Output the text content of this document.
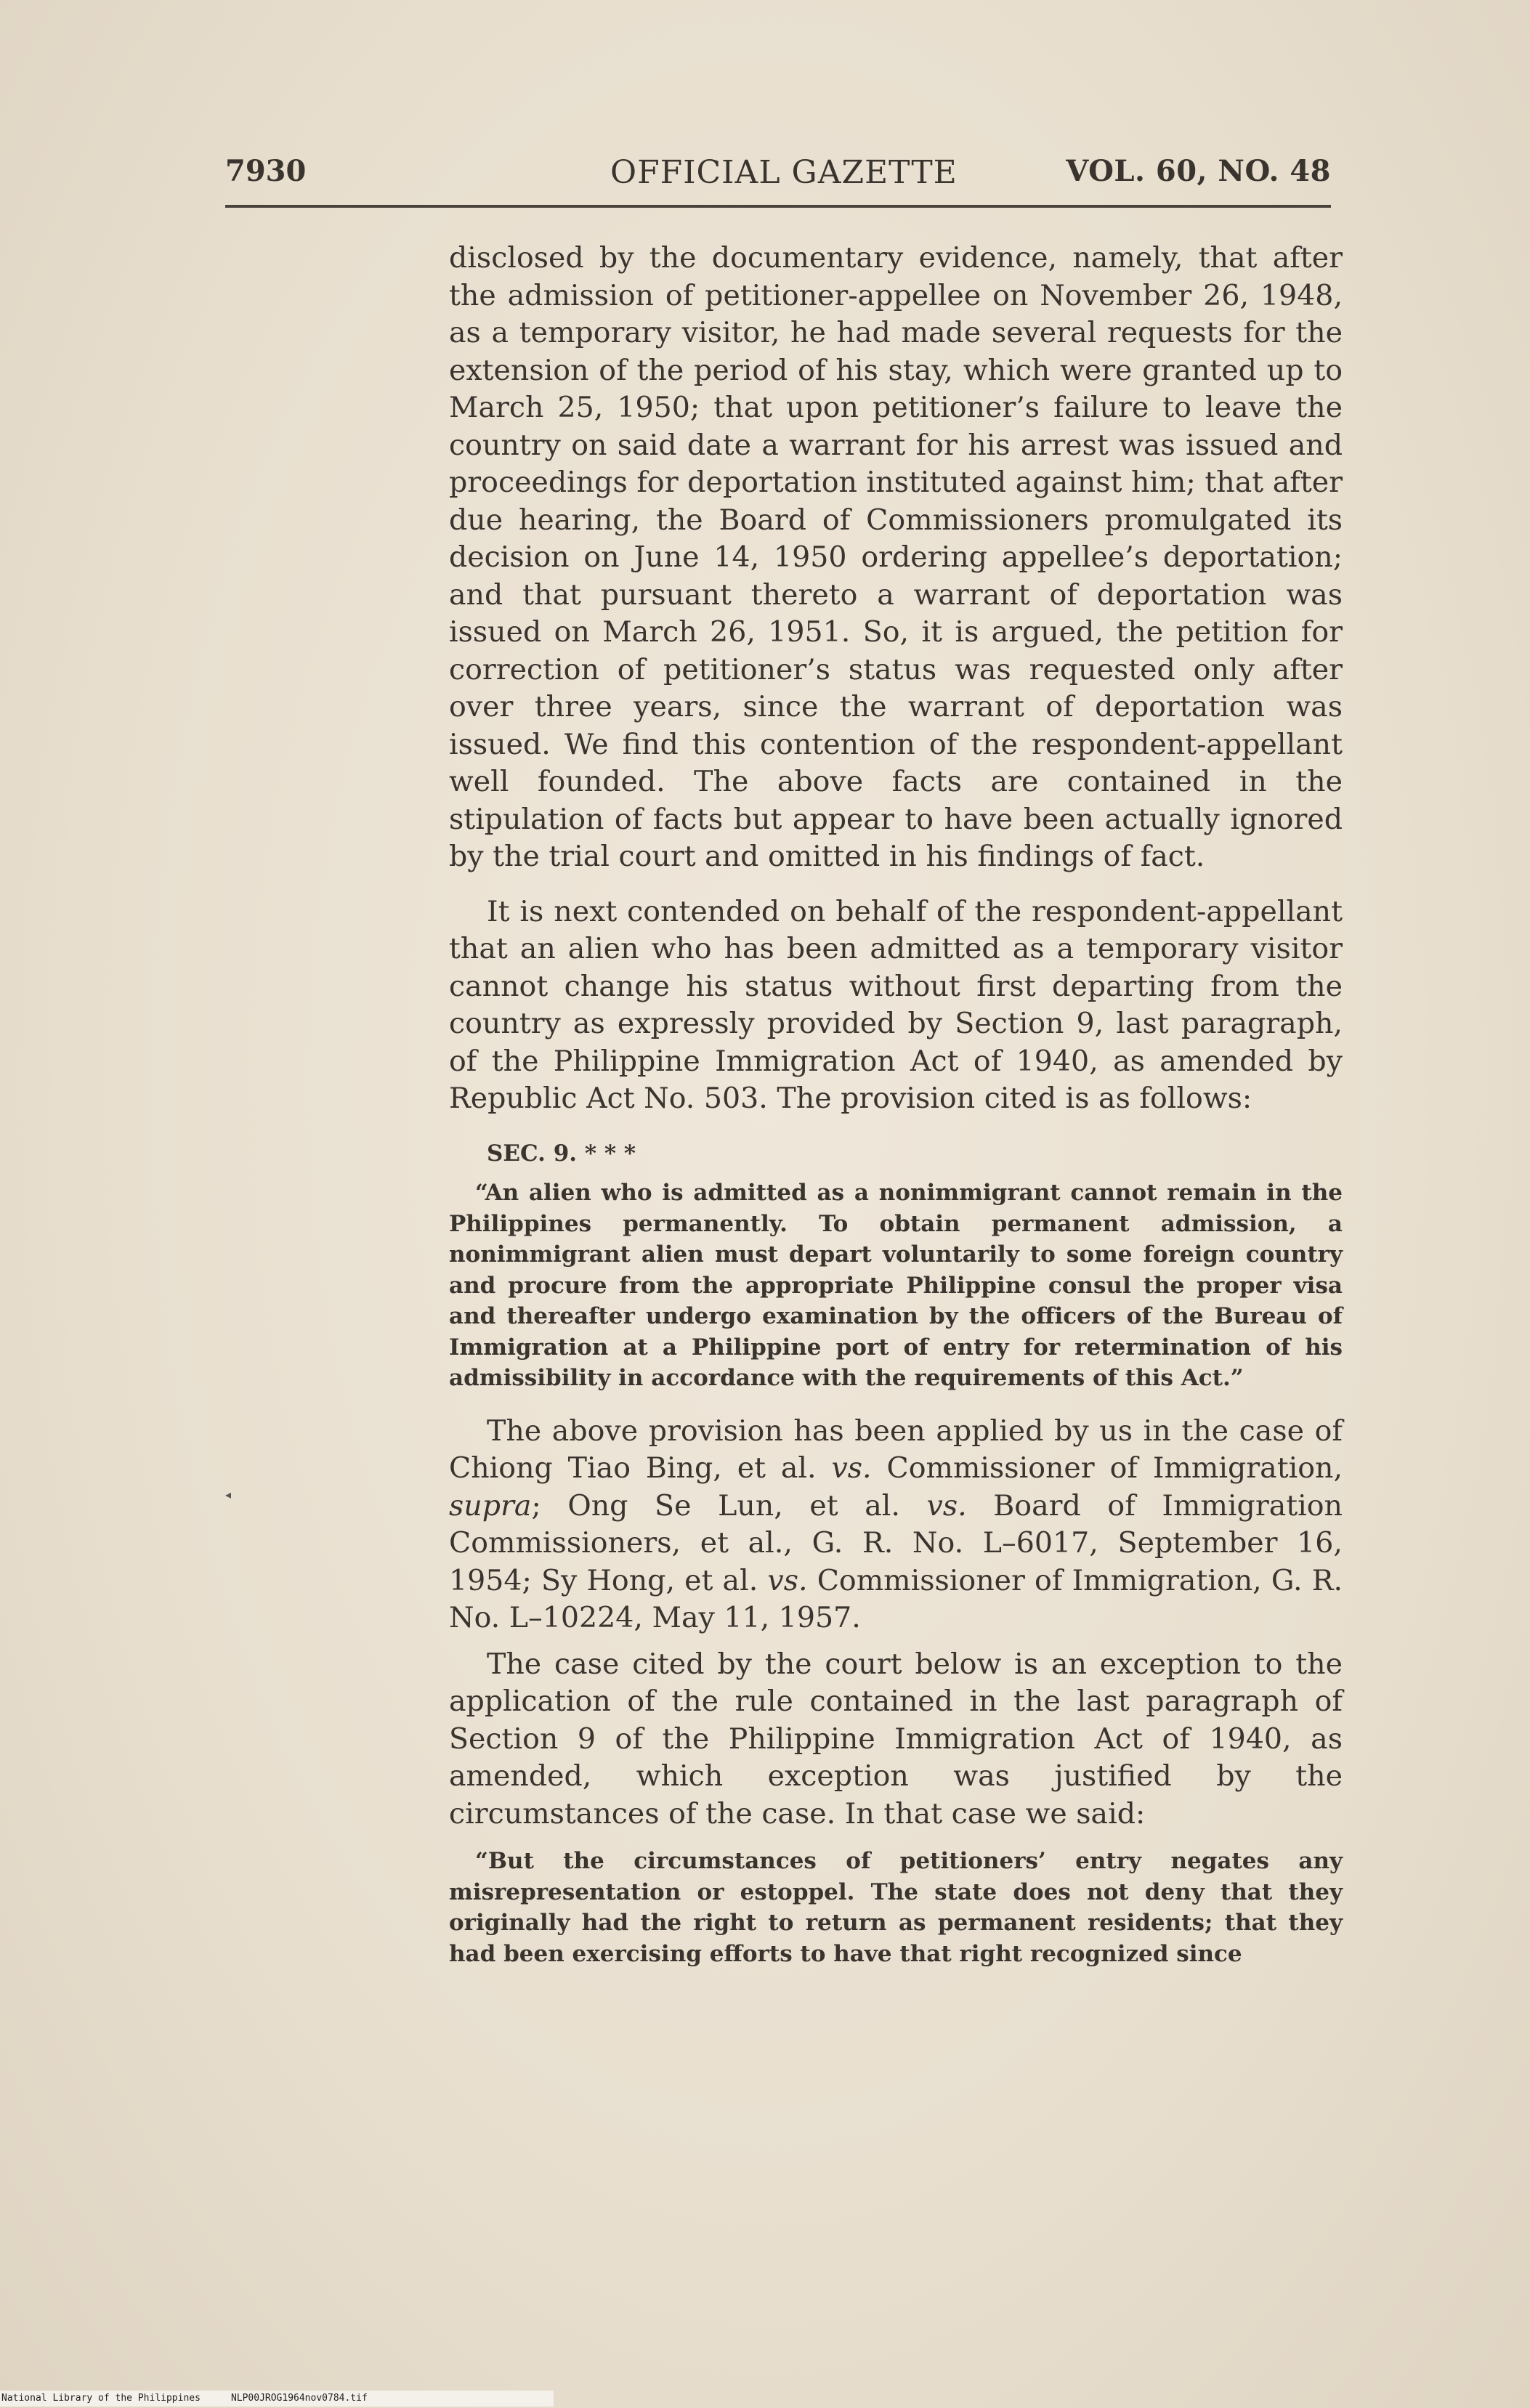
7930	OFFICIAL GAZETTE	VOL. 60, NO. 48
◂

disclosed by the documentary evidence, namely, that after the admission of petitioner-appellee on November 26, 1948, as a temporary visitor, he had made several requests for the extension of the period of his stay, which were granted up to March 25, 1950; that upon petitioner’s failure to leave the country on said date a warrant for his arrest was issued and proceedings for deportation instituted against him; that after due hearing, the Board of Commissioners promulgated its decision on June 14, 1950 ordering appellee’s deportation; and that pursuant thereto a warrant of deportation was issued on March 26, 1951. So, it is argued, the petition for correction of petitioner’s status was requested only after over three years, since the warrant of deportation was issued. We find this contention of the respondent-appellant well founded. The above facts are contained in the stipulation of facts but appear to have been actually ignored by the trial court and omitted in his findings of fact.

It is next contended on behalf of the respondent-appellant that an alien who has been admitted as a temporary visitor cannot change his status without first departing from the country as expressly provided by Section 9, last paragraph, of the Philippine Immigration Act of 1940, as amended by Republic Act No. 503. The provision cited is as follows:

SEC. 9. * * *

“An alien who is admitted as a nonimmigrant cannot remain in the Philippines permanently. To obtain permanent admission, a nonimmigrant alien must depart voluntarily to some foreign country and procure from the appropriate Philippine consul the proper visa and thereafter undergo examination by the officers of the Bureau of Immigration at a Philippine port of entry for retermination of his admissibility in accordance with the requirements of this Act.”

The above provision has been applied by us in the case of Chiong Tiao Bing, et al. vs. Commissioner of Immigration, supra; Ong Se Lun, et al. vs. Board of Immigration Commissioners, et al., G. R. No. L–6017, September 16, 1954; Sy Hong, et al. vs. Commissioner of Immigration, G. R. No. L–10224, May 11, 1957.

The case cited by the court below is an exception to the application of the rule contained in the last paragraph of Section 9 of the Philippine Immigration Act of 1940, as amended, which exception was justified by the circumstances of the case. In that case we said:

“But the circumstances of petitioners’ entry negates any misrepresentation or estoppel. The state does not deny that they originally had the right to return as permanent residents; that they had been exercising efforts to have that right recognized since

National Library of the Philippines	NLP00JROG1964nov0784.tif
